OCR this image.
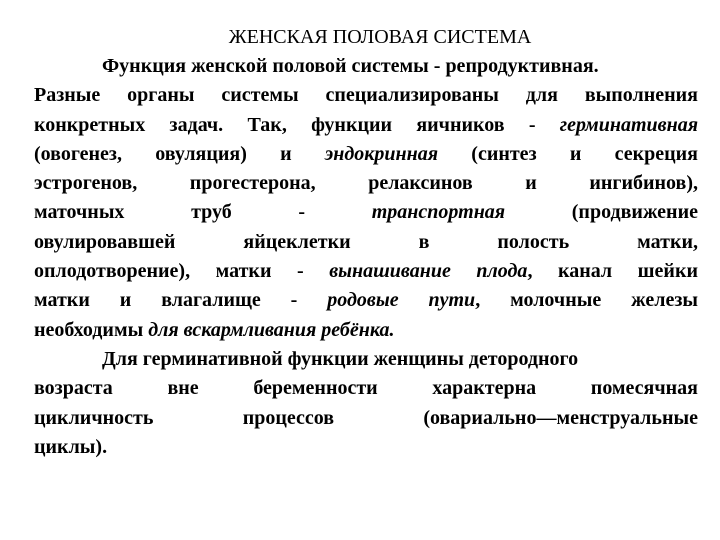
ЖЕНСКАЯ ПОЛОВАЯ СИСТЕМА
Функция женской половой системы - репродуктивная.
Разные органы системы специализированы для выполнения
конкретных задач. Так, функции яичников - герминативная
(овогенез, овуляция) и эндокринная (синтез и секреция
эстрогенов, прогестерона, релаксинов и ингибинов),
маточных труб - транспортная (продвижение
овулировавшей яйцеклетки в полость матки,
оплодотворение), матки - вынашивание плода, канал шейки
матки и влагалище - родовые пути, молочные железы
необходимы для вскармливания ребёнка.
Для герминативной функции женщины детородного
возраста вне беременности характерна помесячная
цикличность процессов (овариально—менструальные
циклы).
